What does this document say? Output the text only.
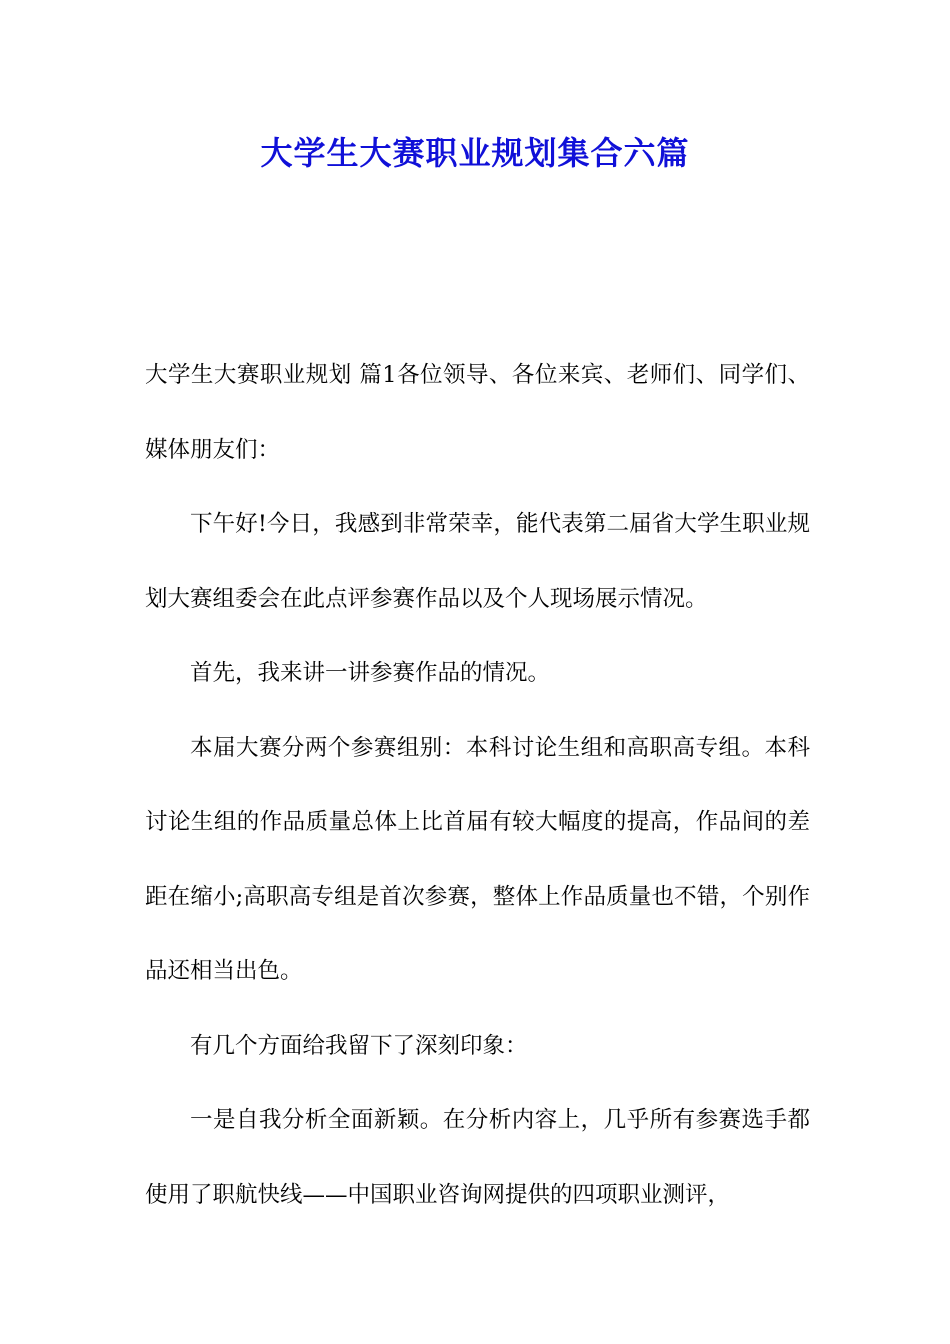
大学生大赛职业规划集合六篇

大学生大赛职业规划 篇1各位领导、各位来宾、老师们、同学们、媒体朋友们：

下午好!今日，我感到非常荣幸，能代表第二届省大学生职业规划大赛组委会在此点评参赛作品以及个人现场展示情况。

首先，我来讲一讲参赛作品的情况。

本届大赛分两个参赛组别：本科讨论生组和高职高专组。本科讨论生组的作品质量总体上比首届有较大幅度的提高，作品间的差距在缩小;高职高专组是首次参赛，整体上作品质量也不错，个别作品还相当出色。

有几个方面给我留下了深刻印象：

一是自我分析全面新颖。在分析内容上，几乎所有参赛选手都使用了职航快线——中国职业咨询网提供的四项职业测评，
